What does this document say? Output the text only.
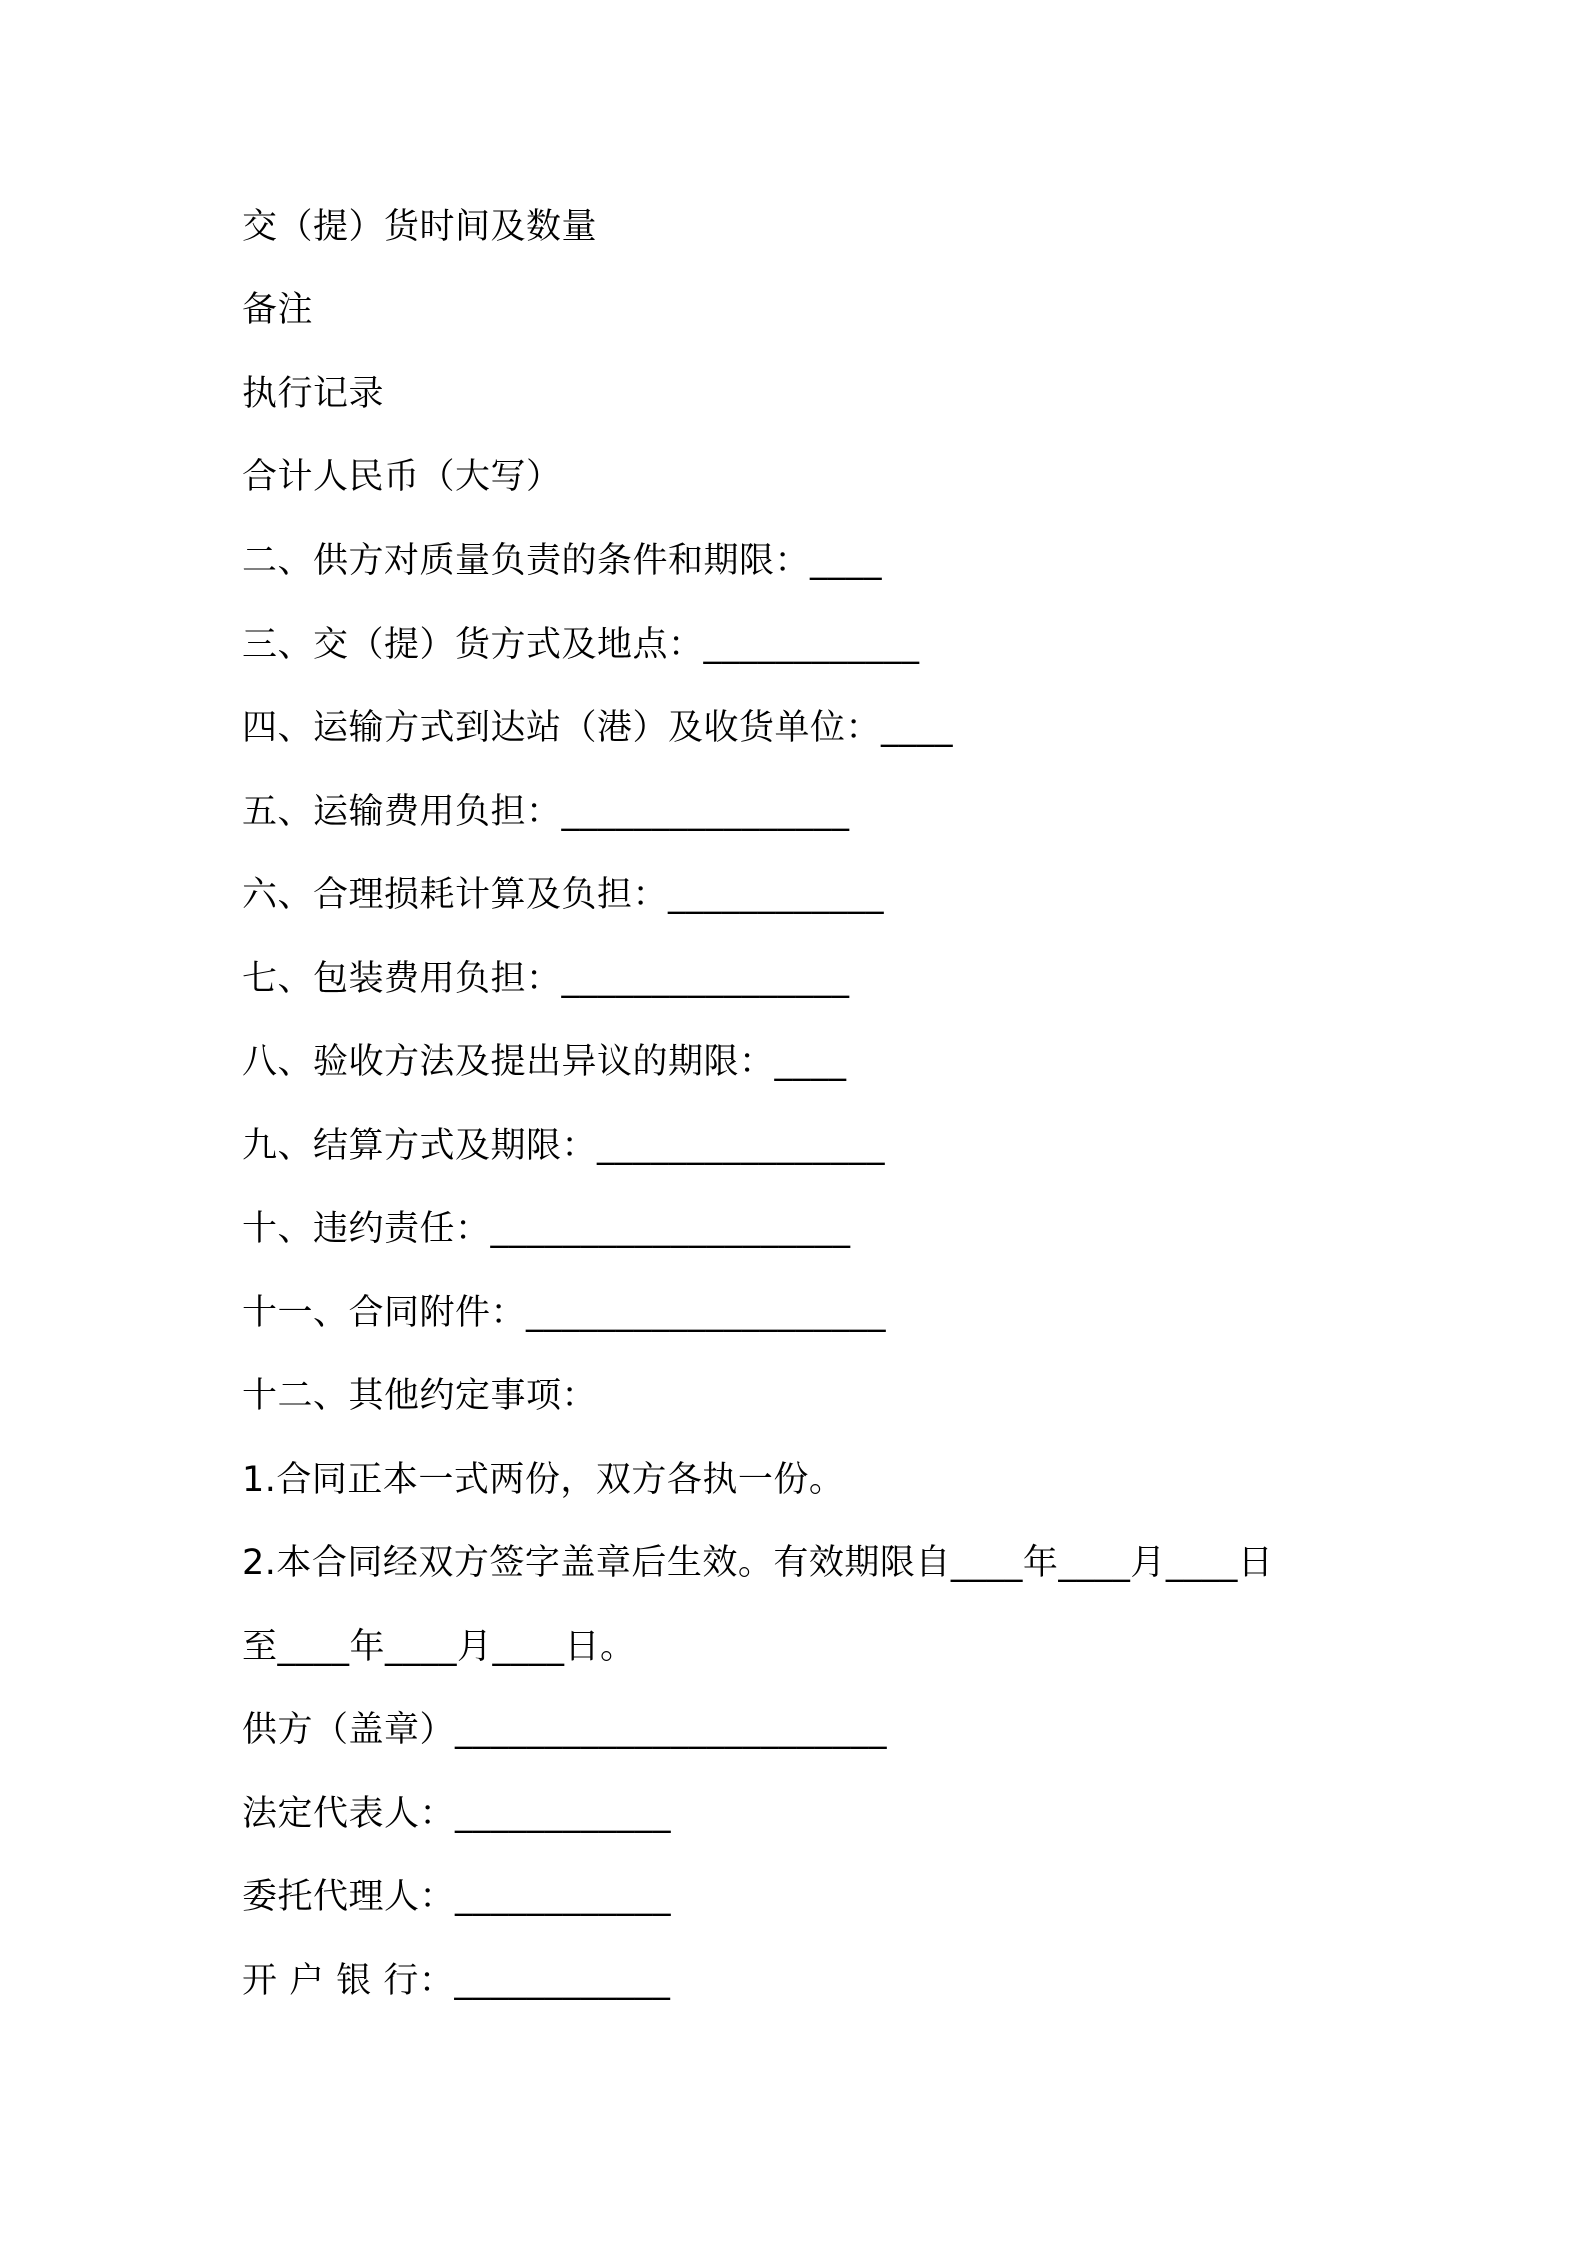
交（提）货时间及数量
备注
执行记录
合计人民币（大写）
二、供方对质量负责的条件和期限：____
三、交（提）货方式及地点：____________
四、运输方式到达站（港）及收货单位：____
五、运输费用负担：________________
六、合理损耗计算及负担：____________
七、包装费用负担：________________
八、验收方法及提出异议的期限：____
九、结算方式及期限：________________
十、违约责任：____________________
十一、合同附件：____________________
十二、其他约定事项：
1.合同正本一式两份，双方各执一份。
2.本合同经双方签字盖章后生效。有效期限自____年____月____日
至____年____月____日。
供方（盖章）________________________
法定代表人：____________
委托代理人：____________
开 户 银 行：____________
